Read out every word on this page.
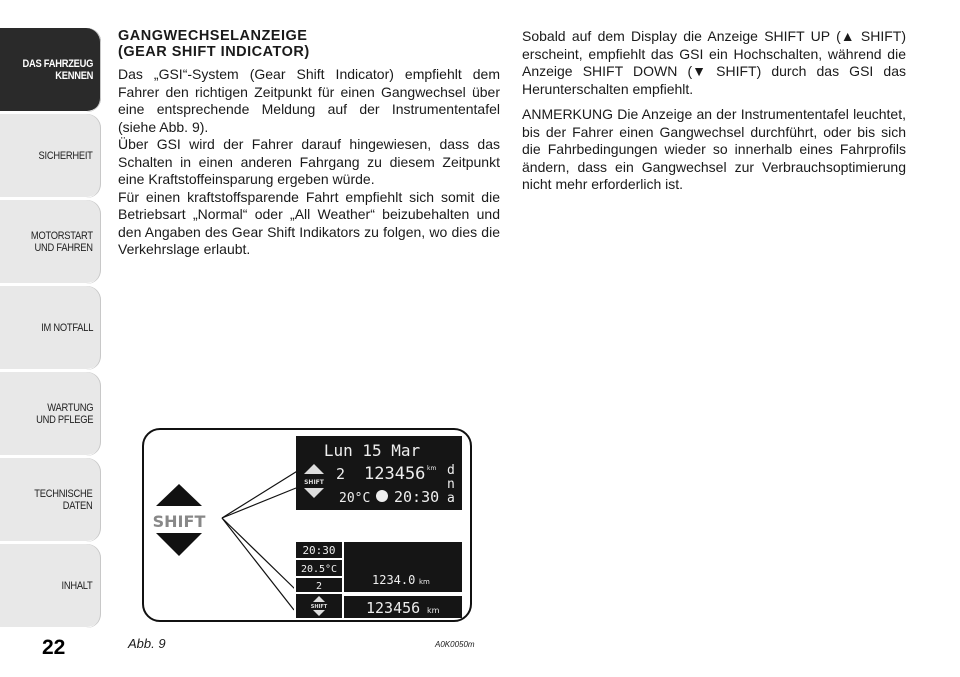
DAS FAHRZEUG
KENNEN
SICHERHEIT
MOTORSTART
UND FAHREN
IM NOTFALL
WARTUNG
UND PFLEGE
TECHNISCHE
DATEN
INHALT
22
GANGWECHSELANZEIGE
(GEAR SHIFT INDICATOR)
Das „GSI“-System (Gear Shift Indicator) empfiehlt dem Fahrer den richtigen Zeitpunkt für einen Gangwechsel über eine entsprechende Meldung auf der Instrumententafel (siehe Abb. 9).
Über GSI wird der Fahrer darauf hingewiesen, dass das Schalten in einen anderen Fahrgang zu diesem Zeitpunkt eine Kraftstoffeinsparung ergeben würde.
Für einen kraftstoffsparende Fahrt empfiehlt sich somit die Betriebsart „Normal“ oder „All Weather“ beizubehalten und den Angaben des Gear Shift Indikators zu folgen, wo dies die Verkehrslage erlaubt.

Sobald auf dem Display die Anzeige SHIFT UP (▲ SHIFT) erscheint, empfiehlt das GSI ein Hochschalten, während die Anzeige SHIFT DOWN (▼ SHIFT) durch das GSI das Herunterschalten empfiehlt.

ANMERKUNG Die Anzeige an der Instrumententafel leuchtet, bis der Fahrer einen Gangwechsel durchführt, oder bis sich die Fahrbedingungen wieder so innerhalb eines Fahrprofils ändern, dass ein Gangwechsel zur Verbrauchsoptimierung nicht mehr erforderlich ist.

SHIFT
Lun 15 Mar
SHIFT 2 123456 km
20°C 20:30
d
n
a
20:30
20.5°C
2
SHIFT
1234.0 km
123456 km
Abb. 9	A0K0050m
